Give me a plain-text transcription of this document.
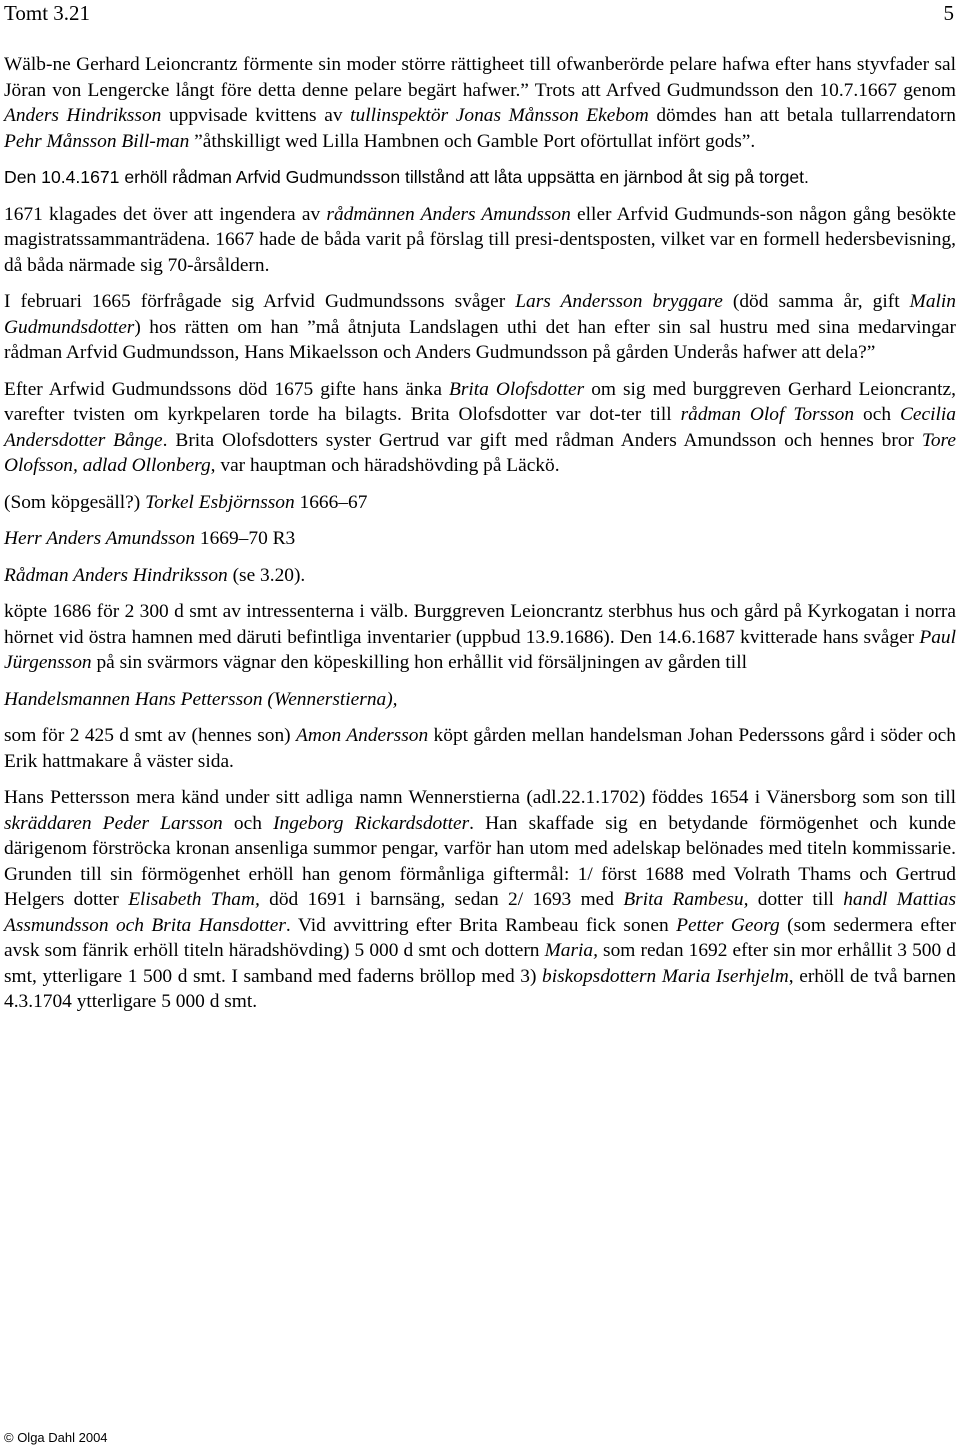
Tomt 3.21	5

Wälb-ne Gerhard Leioncrantz förmente sin moder större rättigheet till ofwanberörde pelare hafwa efter hans styvfader sal Jöran von Lengercke långt före detta denne pelare begärt hafwer.” Trots att Arfved Gudmundsson den 10.7.1667 genom Anders Hindriksson uppvisade kvittens av tullinspektör Jonas Månsson Ekebom dömdes han att betala tullarrendatorn Pehr Månsson Bill-man ”åthskilligt wed Lilla Hambnen och Gamble Port oförtullat infört gods”.

Den 10.4.1671 erhöll rådman Arfvid Gudmundsson tillstånd att låta uppsätta en järnbod åt sig på torget.

1671 klagades det över att ingendera av rådmännen Anders Amundsson eller Arfvid Gudmunds-son någon gång besökte magistratssammanträdena. 1667 hade de båda varit på förslag till presi-dentsposten, vilket var en formell hedersbevisning, då båda närmade sig 70-årsåldern.

I februari 1665 förfrågade sig Arfvid Gudmundssons svåger Lars Andersson bryggare (död samma år, gift Malin Gudmundsdotter) hos rätten om han ”må åtnjuta Landslagen uthi det han efter sin sal hustru med sina medarvingar rådman Arfvid Gudmundsson, Hans Mikaelsson och Anders Gudmundsson på gården Underås hafwer att dela?”

Efter Arfwid Gudmundssons död 1675 gifte hans änka Brita Olofsdotter om sig med burggreven Gerhard Leioncrantz, varefter tvisten om kyrkpelaren torde ha bilagts. Brita Olofsdotter var dot-ter till rådman Olof Torsson och Cecilia Andersdotter Bånge. Brita Olofsdotters syster Gertrud var gift med rådman Anders Amundsson och hennes bror Tore Olofsson, adlad Ollonberg, var hauptman och häradshövding på Läckö.

(Som köpgesäll?) Torkel Esbjörnsson 1666–67

Herr Anders Amundsson 1669–70 R3

Rådman Anders Hindriksson (se 3.20).

köpte 1686 för 2 300 d smt av intressenterna i välb. Burggreven Leioncrantz sterbhus hus och gård på Kyrkogatan i norra hörnet vid östra hamnen med däruti befintliga inventarier (uppbud 13.9.1686). Den 14.6.1687 kvitterade hans svåger Paul Jürgensson på sin svärmors vägnar den köpeskilling hon erhållit vid försäljningen av gården till

Handelsmannen Hans Pettersson (Wennerstierna),

som för 2 425 d smt av (hennes son) Amon Andersson köpt gården mellan handelsman Johan Pederssons gård i söder och Erik hattmakare å väster sida.

Hans Pettersson mera känd under sitt adliga namn Wennerstierna (adl.22.1.1702) föddes 1654 i Vänersborg som son till skräddaren Peder Larsson och Ingeborg Rickardsdotter. Han skaffade sig en betydande förmögenhet och kunde därigenom förströcka kronan ansenliga summor pengar, varför han utom med adelskap belönades med titeln kommissarie. Grunden till sin förmögenhet erhöll han genom förmånliga giftermål: 1/ först 1688 med Volrath Thams och Gertrud Helgers dotter Elisabeth Tham, död 1691 i barnsäng, sedan 2/ 1693 med Brita Rambesu, dotter till handl Mattias Assmundsson och Brita Hansdotter. Vid avvittring efter Brita Rambeau fick sonen Petter Georg (som sedermera efter avsk som fänrik erhöll titeln häradshövding) 5 000 d smt och dottern Maria, som redan 1692 efter sin mor erhållit 3 500 d smt, ytterligare 1 500 d smt. I samband med faderns bröllop med 3) biskopsdottern Maria Iserhjelm, erhöll de två barnen 4.3.1704 ytterligare 5 000 d smt.

© Olga Dahl 2004
